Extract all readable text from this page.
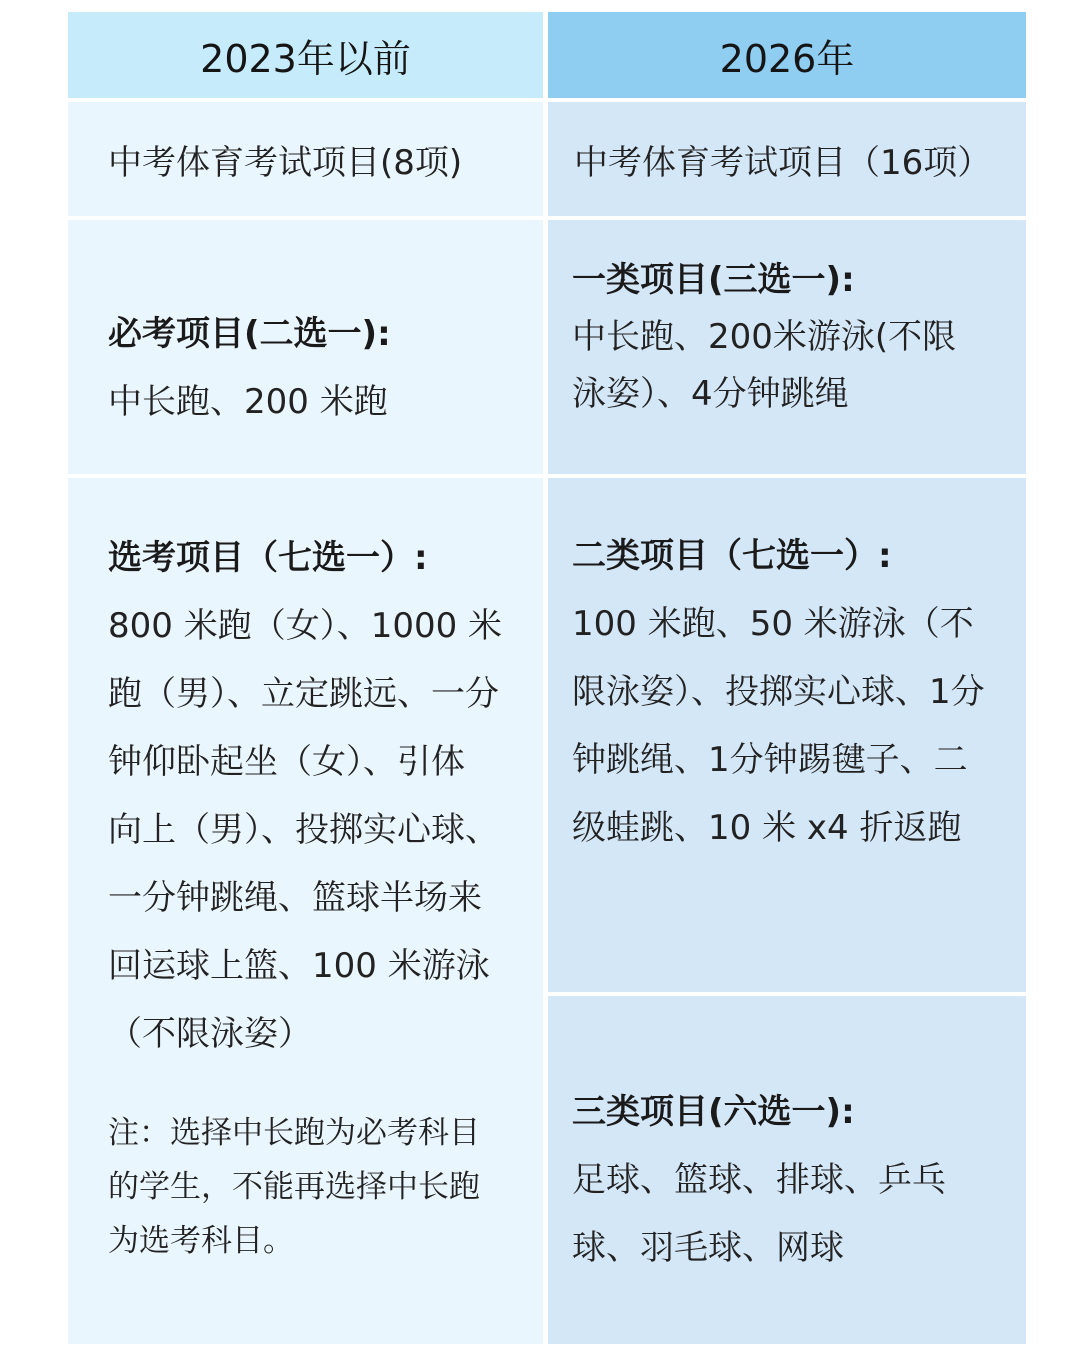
2023年以前	2026年
中考体育考试项目(8项)	中考体育考试项目（16项）
必考项目(二选一):
中长跑、200 米跑
一类项目(三选一):
中长跑、200米游泳(不限
泳姿）、4分钟跳绳
选考项目（七选一）:
800 米跑（女）、1000 米
跑（男）、立定跳远、一分
钟仰卧起坐（女）、引体
向上（男）、投掷实心球、
一分钟跳绳、篮球半场来
回运球上篮、100 米游泳
（不限泳姿）
注：选择中长跑为必考科目
的学生，不能再选择中长跑
为选考科目。
二类项目（七选一）:
100 米跑、50 米游泳（不
限泳姿）、投掷实心球、1分
钟跳绳、1分钟踢毽子、二
级蛙跳、10 米 x4 折返跑
三类项目(六选一):
足球、篮球、排球、乒乓
球、羽毛球、网球
